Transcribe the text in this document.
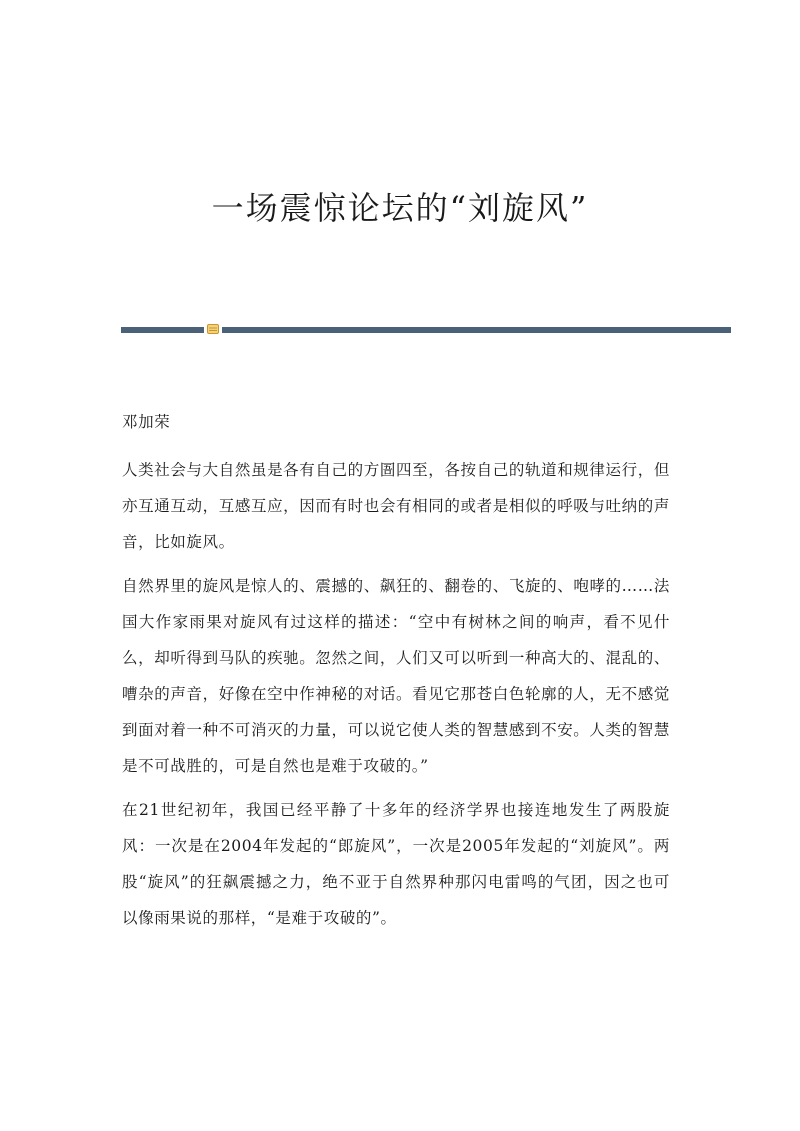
一场震惊论坛的“刘旋风”

邓加荣

人类社会与大自然虽是各有自己的方圄四至，各按自己的轨道和规律运行，但亦互通互动，互感互应，因而有时也会有相同的或者是相似的呼吸与吐纳的声音，比如旋风。

自然界里的旋风是惊人的、震撼的、飙狂的、翻卷的、飞旋的、咆哮的……法国大作家雨果对旋风有过这样的描述：“空中有树林之间的响声，看不见什么，却听得到马队的疾驰。忽然之间，人们又可以听到一种高大的、混乱的、嘈杂的声音，好像在空中作神秘的对话。看见它那苍白色轮廓的人，无不感觉到面对着一种不可消灭的力量，可以说它使人类的智慧感到不安。人类的智慧是不可战胜的，可是自然也是难于攻破的。”

在21世纪初年，我国已经平静了十多年的经济学界也接连地发生了两股旋风：一次是在2004年发起的“郎旋风”，一次是2005年发起的“刘旋风”。两股“旋风”的狂飙震撼之力，绝不亚于自然界种那闪电雷鸣的气团，因之也可以像雨果说的那样，“是难于攻破的”。
